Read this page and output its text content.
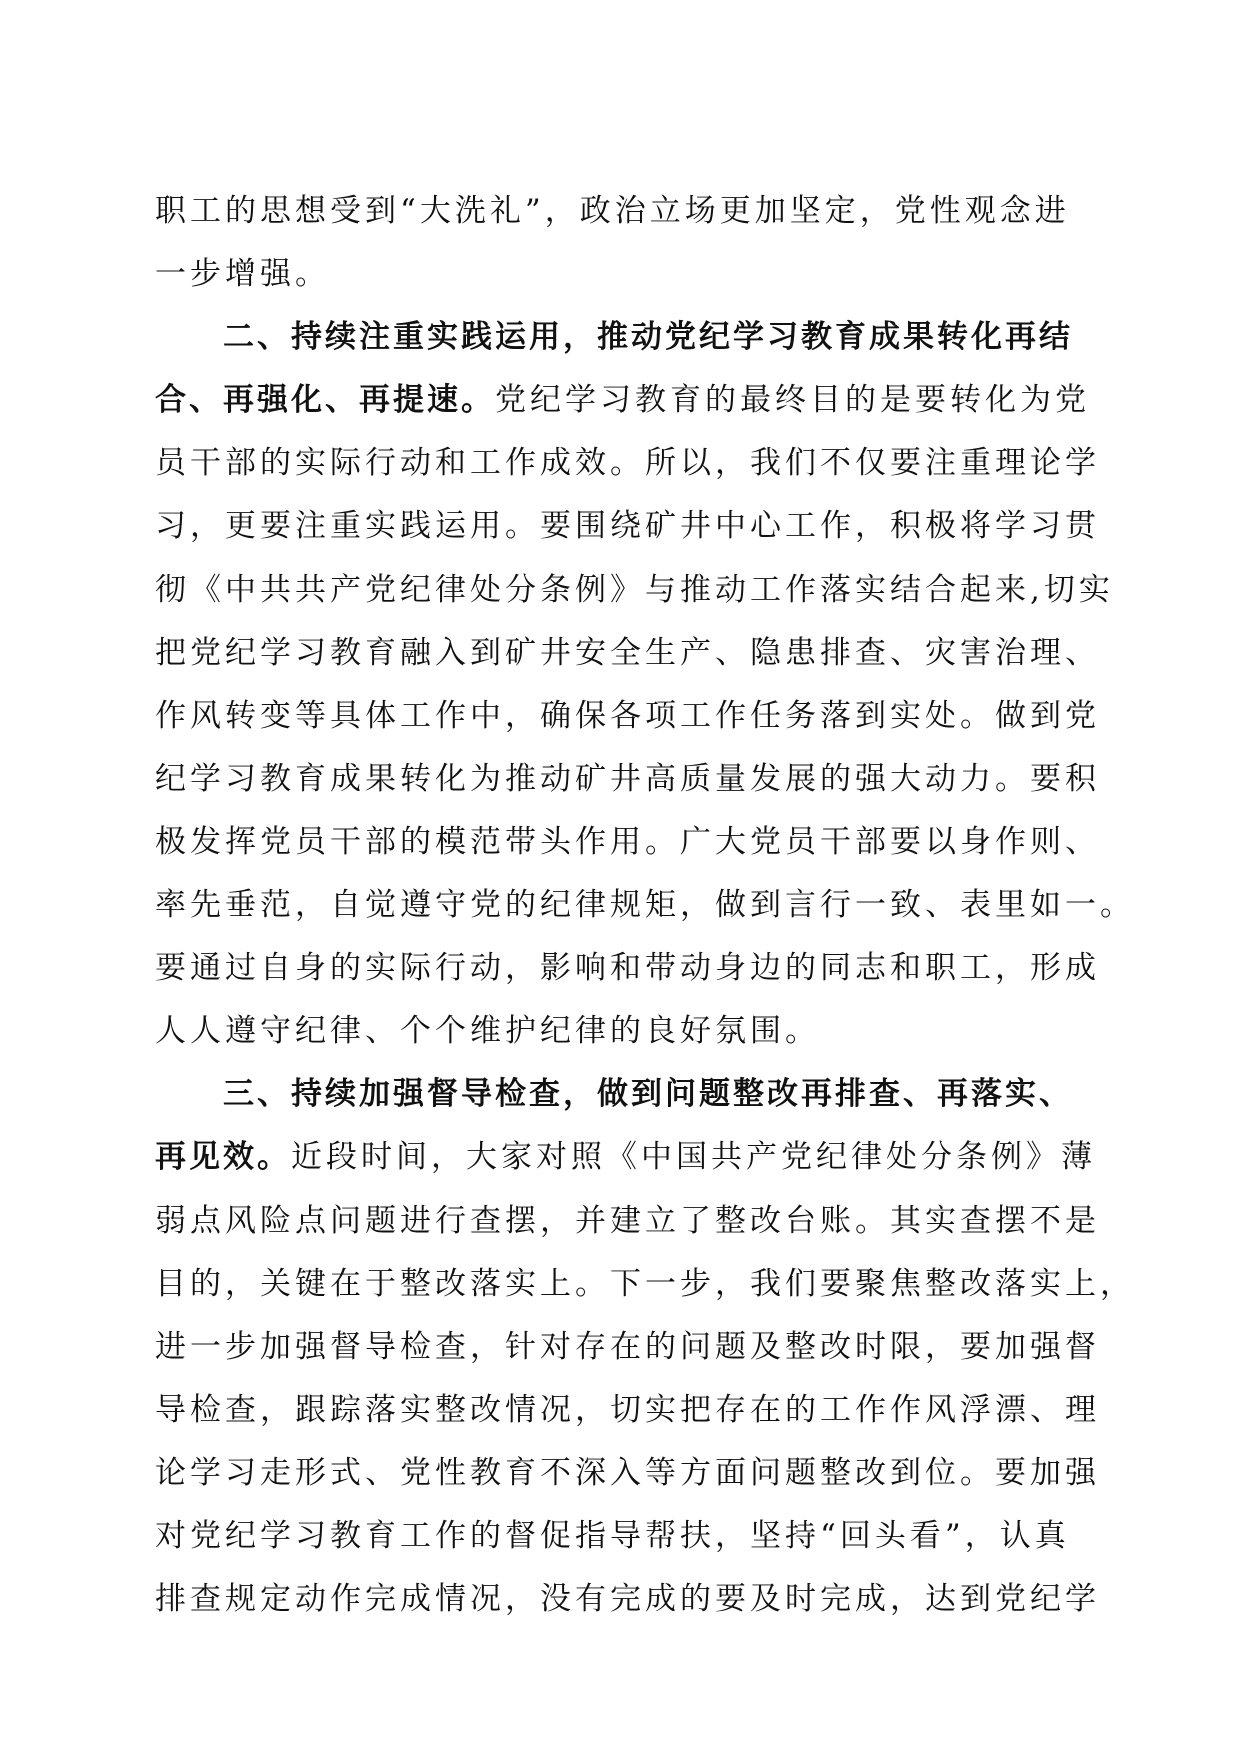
职工的思想受到“大洗礼”，政治立场更加坚定，党性观念进
一步增强。
二、持续注重实践运用，推动党纪学习教育成果转化再结
合、再强化、再提速。党纪学习教育的最终目的是要转化为党
员干部的实际行动和工作成效。所以，我们不仅要注重理论学
习，更要注重实践运用。要围绕矿井中心工作，积极将学习贯
彻《中共共产党纪律处分条例》与推动工作落实结合起来,切实
把党纪学习教育融入到矿井安全生产、隐患排查、灾害治理、
作风转变等具体工作中，确保各项工作任务落到实处。做到党
纪学习教育成果转化为推动矿井高质量发展的强大动力。要积
极发挥党员干部的模范带头作用。广大党员干部要以身作则、
率先垂范，自觉遵守党的纪律规矩，做到言行一致、表里如一。
要通过自身的实际行动，影响和带动身边的同志和职工，形成
人人遵守纪律、个个维护纪律的良好氛围。
三、持续加强督导检查，做到问题整改再排查、再落实、
再见效。近段时间，大家对照《中国共产党纪律处分条例》薄
弱点风险点问题进行查摆，并建立了整改台账。其实查摆不是
目的，关键在于整改落实上。下一步，我们要聚焦整改落实上，
进一步加强督导检查，针对存在的问题及整改时限，要加强督
导检查，跟踪落实整改情况，切实把存在的工作作风浮漂、理
论学习走形式、党性教育不深入等方面问题整改到位。要加强
对党纪学习教育工作的督促指导帮扶，坚持“回头看”，认真
排查规定动作完成情况，没有完成的要及时完成，达到党纪学
